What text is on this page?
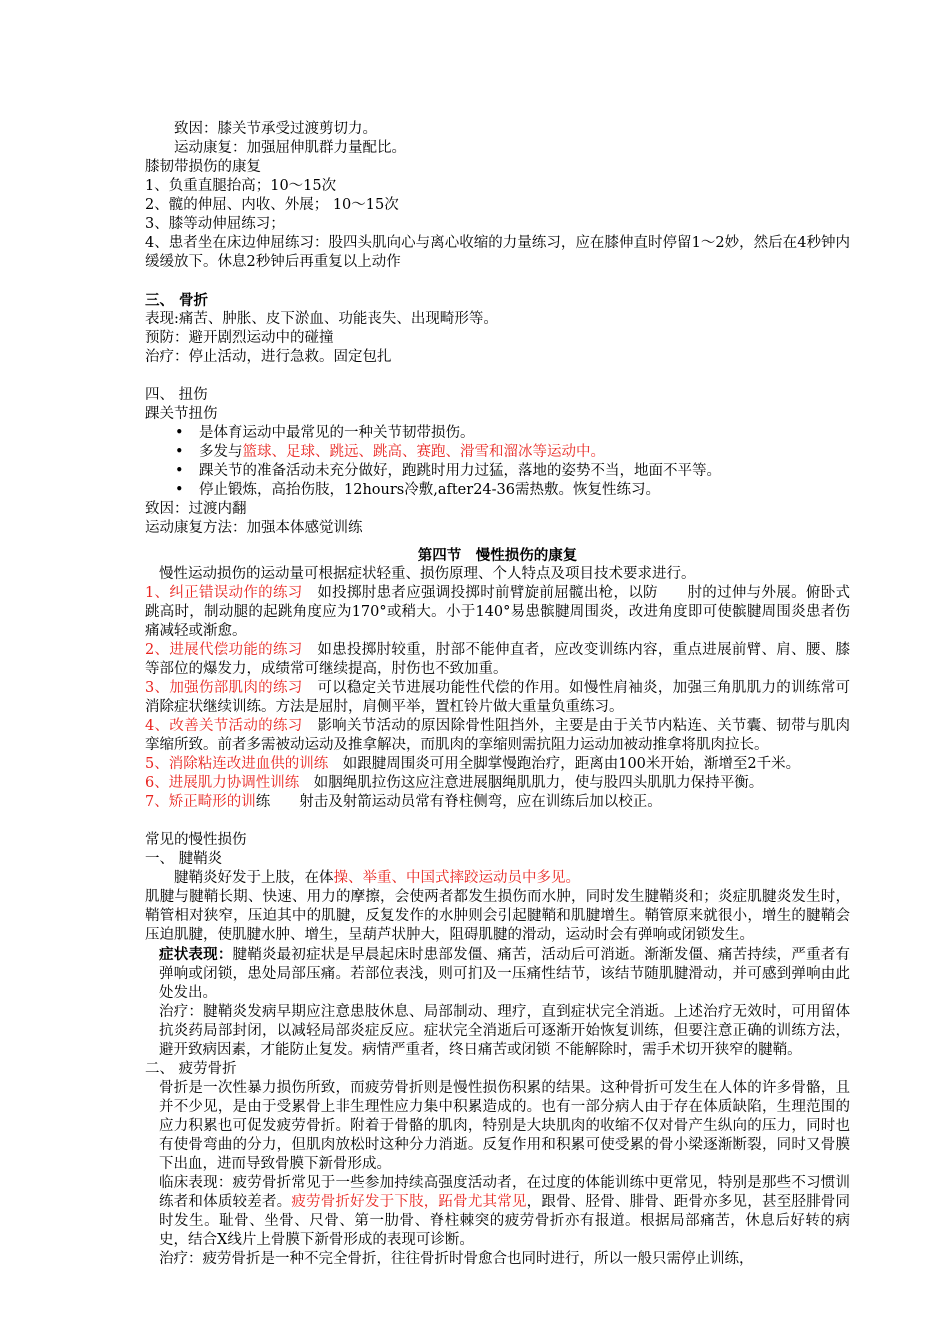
致因：膝关节承受过渡剪切力。

运动康复：加强屈伸肌群力量配比。

膝韧带损伤的康复

1、负重直腿抬高；10～15次

2、髋的伸屈、内收、外展； 10～15次

3、膝等动伸屈练习；

4、患者坐在床边伸屈练习：股四头肌向心与离心收缩的力量练习，应在膝伸直时停留1～2妙，然后在4秒钟内缓缓放下。休息2秒钟后再重复以上动作

三、 骨折

表现:痛苦、肿胀、皮下淤血、功能丧失、出现畸形等。

预防：避开剧烈运动中的碰撞

治疗：停止活动，进行急救。固定包扎

四、 扭伤

踝关节扭伤

•	是体育运动中最常见的一种关节韧带损伤。
•	多发与篮球、足球、跳远、跳高、赛跑、滑雪和溜冰等运动中。
•	踝关节的准备活动未充分做好，跑跳时用力过猛，落地的姿势不当，地面不平等。
•	停止锻炼，高抬伤肢，12hours冷敷,after24-36需热敷。恢复性练习。

致因：过渡内翻

运动康复方法：加强本体感觉训练

第四节　慢性损伤的康复

慢性运动损伤的运动量可根据症状轻重、损伤原理、个人特点及项目技术要求进行。

1、纠正错误动作的练习　如投掷肘患者应强调投掷时前臂旋前屈髋出枪，以防　　肘的过伸与外展。俯卧式跳高时，制动腿的起跳角度应为170°或稍大。小于140°易患髌腱周围炎，改进角度即可使髌腱周围炎患者伤痛减轻或渐愈。

2、进展代偿功能的练习　如患投掷肘较重，肘部不能伸直者，应改变训练内容，重点进展前臂、肩、腰、膝等部位的爆发力，成绩常可继续提高，肘伤也不致加重。

3、加强伤部肌肉的练习　可以稳定关节进展功能性代偿的作用。如慢性肩袖炎，加强三角肌肌力的训练常可消除症状继续训练。方法是屈肘，肩侧平举，置杠铃片做大重量负重练习。

4、改善关节活动的练习　影响关节活动的原因除骨性阻挡外，主要是由于关节内粘连、关节囊、韧带与肌肉挛缩所致。前者多需被动运动及推拿解决，而肌肉的挛缩则需抗阻力运动加被动推拿将肌肉拉长。

5、消除粘连改进血供的训练　如跟腱周围炎可用全脚掌慢跑治疗，距离由100米开始，渐增至2千米。

6、进展肌力协调性训练　如胭绳肌拉伤这应注意进展胭绳肌肌力，使与股四头肌肌力保持平衡。

7、矫正畸形的训练　　射击及射箭运动员常有脊柱侧弯，应在训练后加以校正。

常见的慢性损伤

一、 腱鞘炎

腱鞘炎好发于上肢，在体操、举重、中国式摔跤运动员中多见。

肌腱与腱鞘长期、快速、用力的摩擦，会使两者都发生损伤而水肿，同时发生腱鞘炎和；炎症肌腱炎发生时，鞘管相对狭窄，压迫其中的肌腱，反复发作的水肿则会引起腱鞘和肌腱增生。鞘管原来就很小，增生的腱鞘会压迫肌腱，使肌腱水肿、增生，呈葫芦状肿大，阻碍肌腱的滑动，运动时会有弹响或闭锁发生。

症状表现：腱鞘炎最初症状是早晨起床时患部发僵、痛苦，活动后可消逝。渐渐发僵、痛苦持续，严重者有弹响或闭锁，患处局部压痛。若部位表浅，则可扪及一压痛性结节，该结节随肌腱滑动，并可感到弹响由此处发出。

治疗：腱鞘炎发病早期应注意患肢休息、局部制动、理疗，直到症状完全消逝。上述治疗无效时，可用留体抗炎药局部封闭，以减轻局部炎症反应。症状完全消逝后可逐渐开始恢复训练，但要注意正确的训练方法，避开致病因素，才能防止复发。病情严重者，终日痛苦或闭锁 不能解除时，需手术切开狭窄的腱鞘。

二、 疲劳骨折

骨折是一次性暴力损伤所致，而疲劳骨折则是慢性损伤积累的结果。这种骨折可发生在人体的许多骨骼，且并不少见，是由于受累骨上非生理性应力集中积累造成的。也有一部分病人由于存在体质缺陷，生理范围的应力积累也可促发疲劳骨折。附着于骨骼的肌肉，特别是大块肌肉的收缩不仅对骨产生纵向的压力，同时也有使骨弯曲的分力，但肌肉放松时这种分力消逝。反复作用和积累可使受累的骨小梁逐渐断裂，同时又骨膜下出血，进而导致骨膜下新骨形成。

临床表现：疲劳骨折常见于一些参加持续高强度活动者，在过度的体能训练中更常见，特别是那些不习惯训练者和体质较差者。疲劳骨折好发于下肢，跖骨尤其常见，跟骨、胫骨、腓骨、距骨亦多见，甚至胫腓骨同时发生。耻骨、坐骨、尺骨、第一肋骨、脊柱棘突的疲劳骨折亦有报道。根据局部痛苦，休息后好转的病史，结合X线片上骨膜下新骨形成的表现可诊断。

治疗：疲劳骨折是一种不完全骨折，往往骨折时骨愈合也同时进行，所以一般只需停止训练，
